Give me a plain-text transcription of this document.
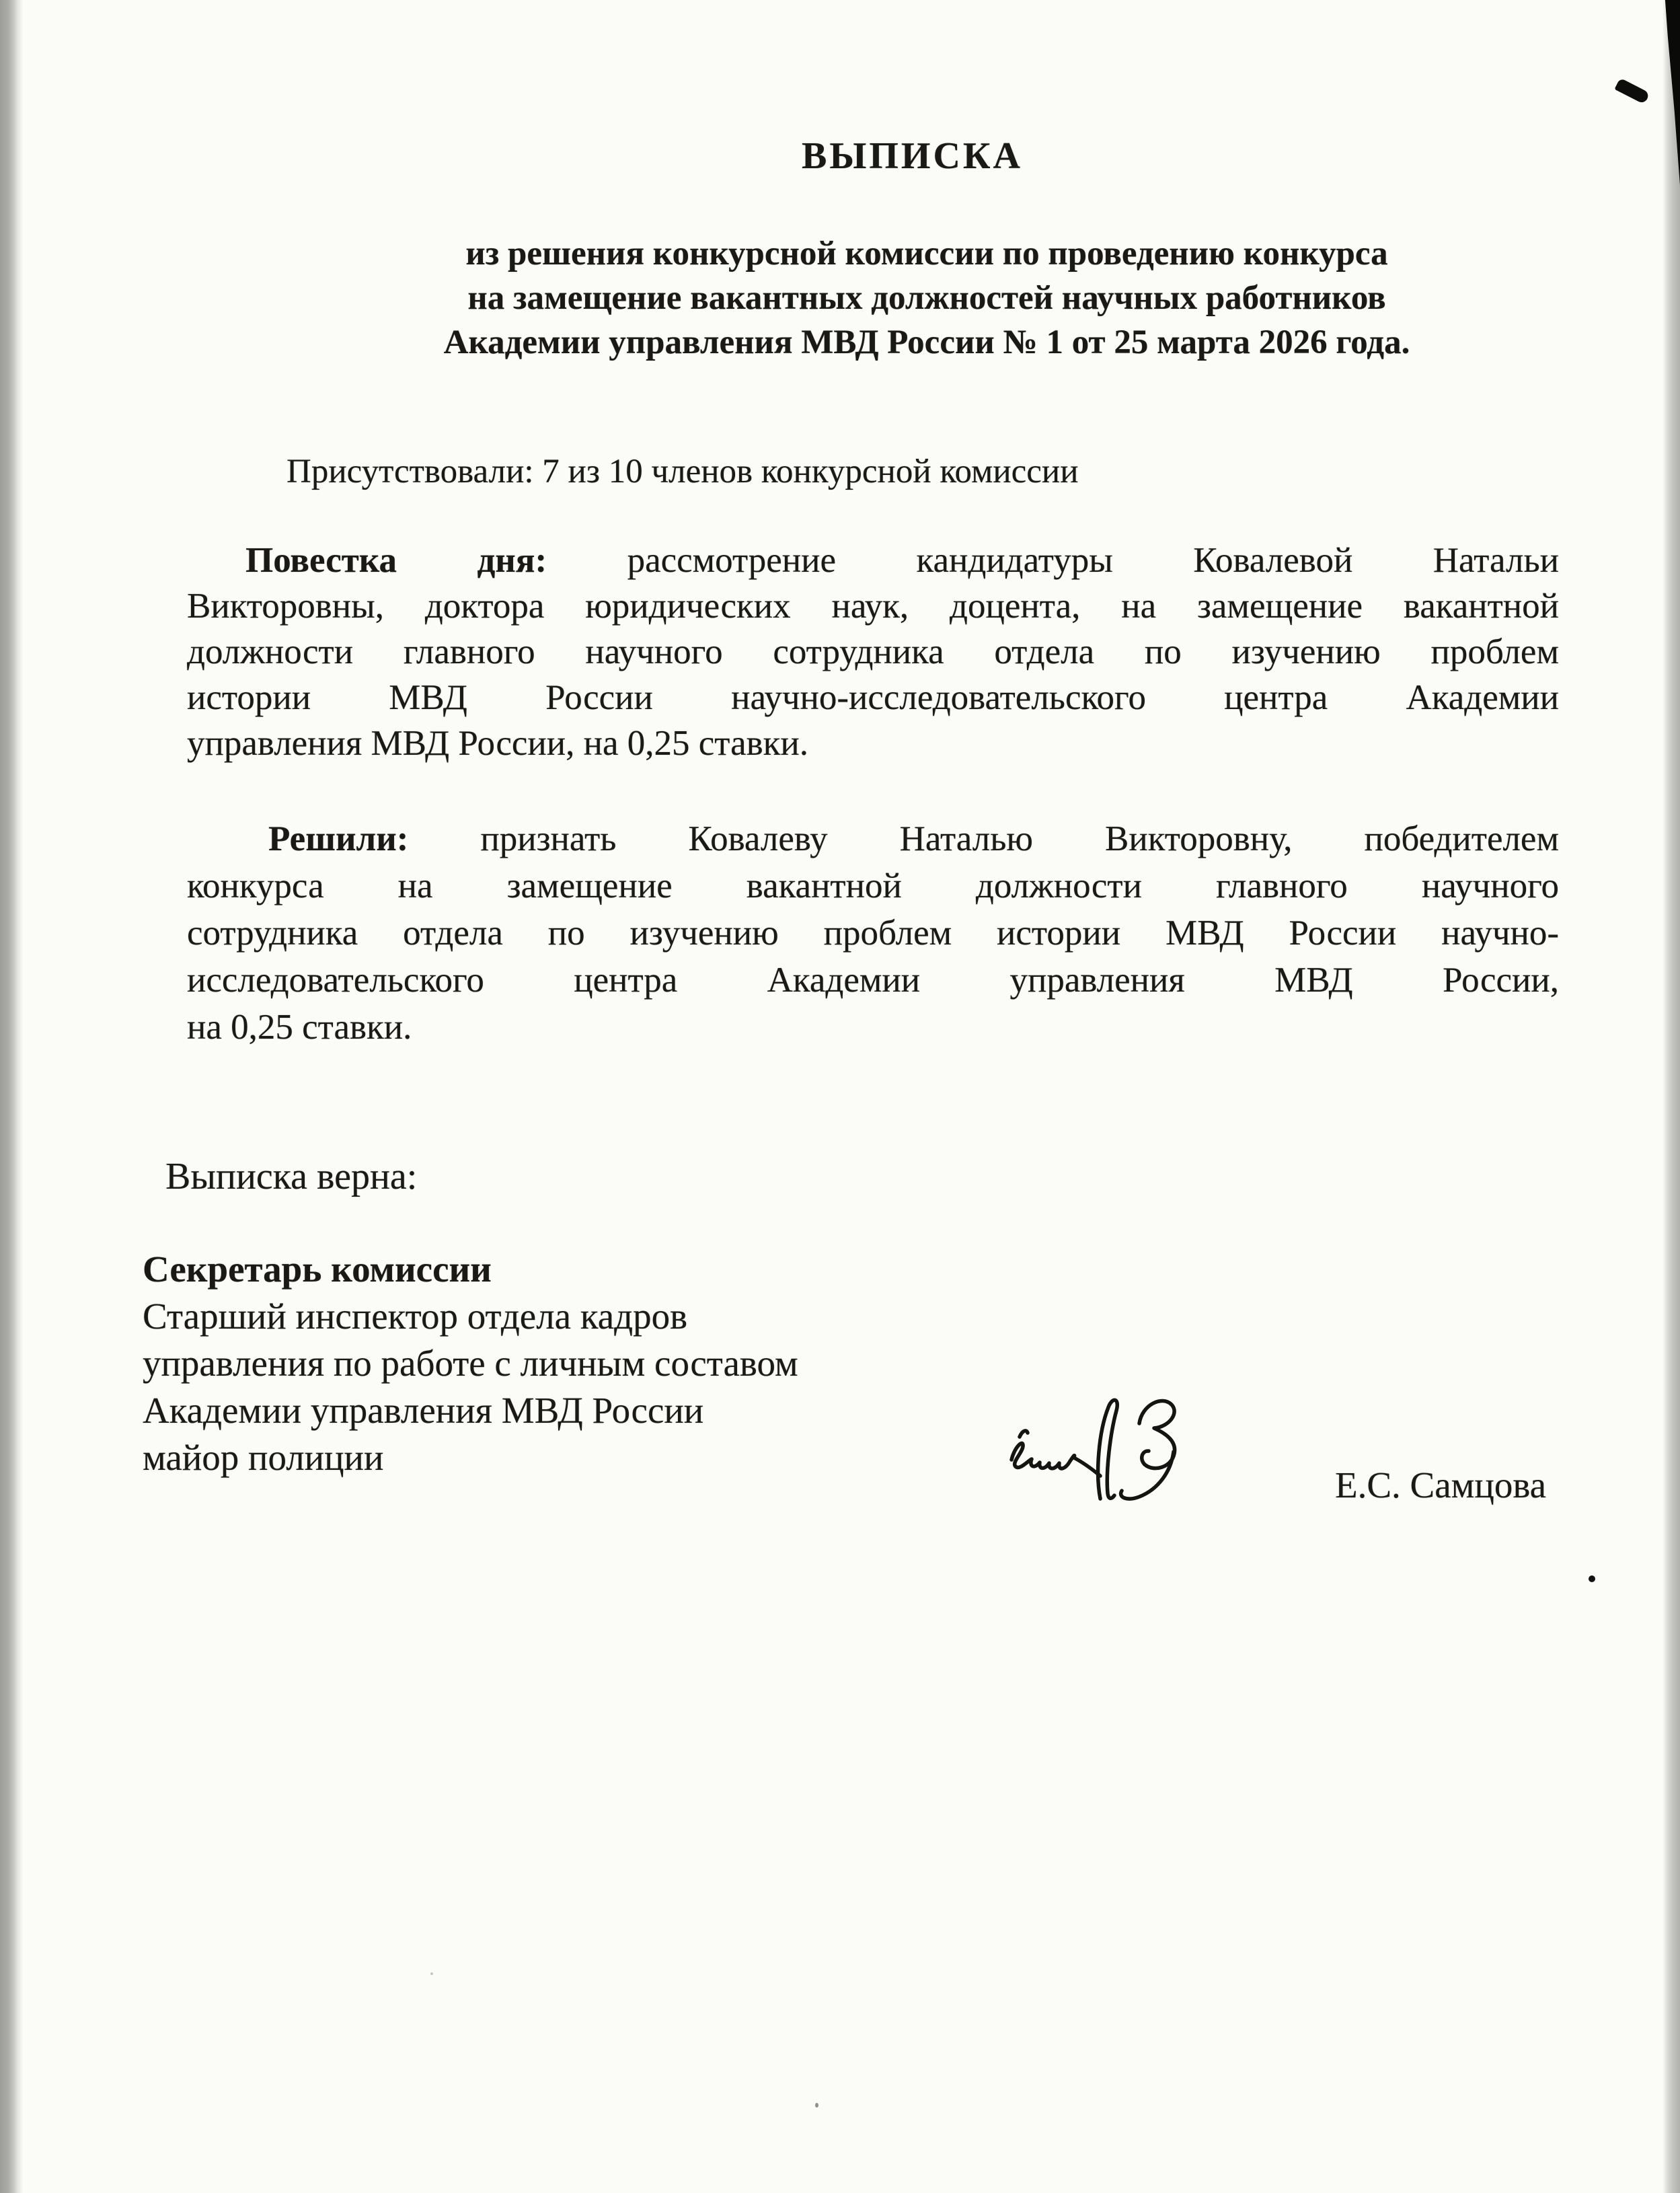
ВЫПИСКА
из решения конкурсной комиссии по проведению конкурса
на замещение вакантных должностей научных работников
Академии управления МВД России № 1 от 25 марта 2026 года.
Присутствовали: 7 из 10 членов конкурсной комиссии
Повестка дня: рассмотрение кандидатуры Ковалевой Натальи
Викторовны, доктора юридических наук, доцента, на замещение вакантной
должности главного научного сотрудника отдела по изучению проблем
истории МВД России научно-исследовательского центра Академии
управления МВД России, на 0,25 ставки.
Решили: признать Ковалеву Наталью Викторовну, победителем
конкурса на замещение вакантной должности главного научного
сотрудника отдела по изучению проблем истории МВД России научно-
исследовательского центра Академии управления МВД России,
на 0,25 ставки.
Выписка верна:
Секретарь комиссии
Старший инспектор отдела кадров
управления по работе с личным составом
Академии управления МВД России
майор полиции
Е.С. Самцова
